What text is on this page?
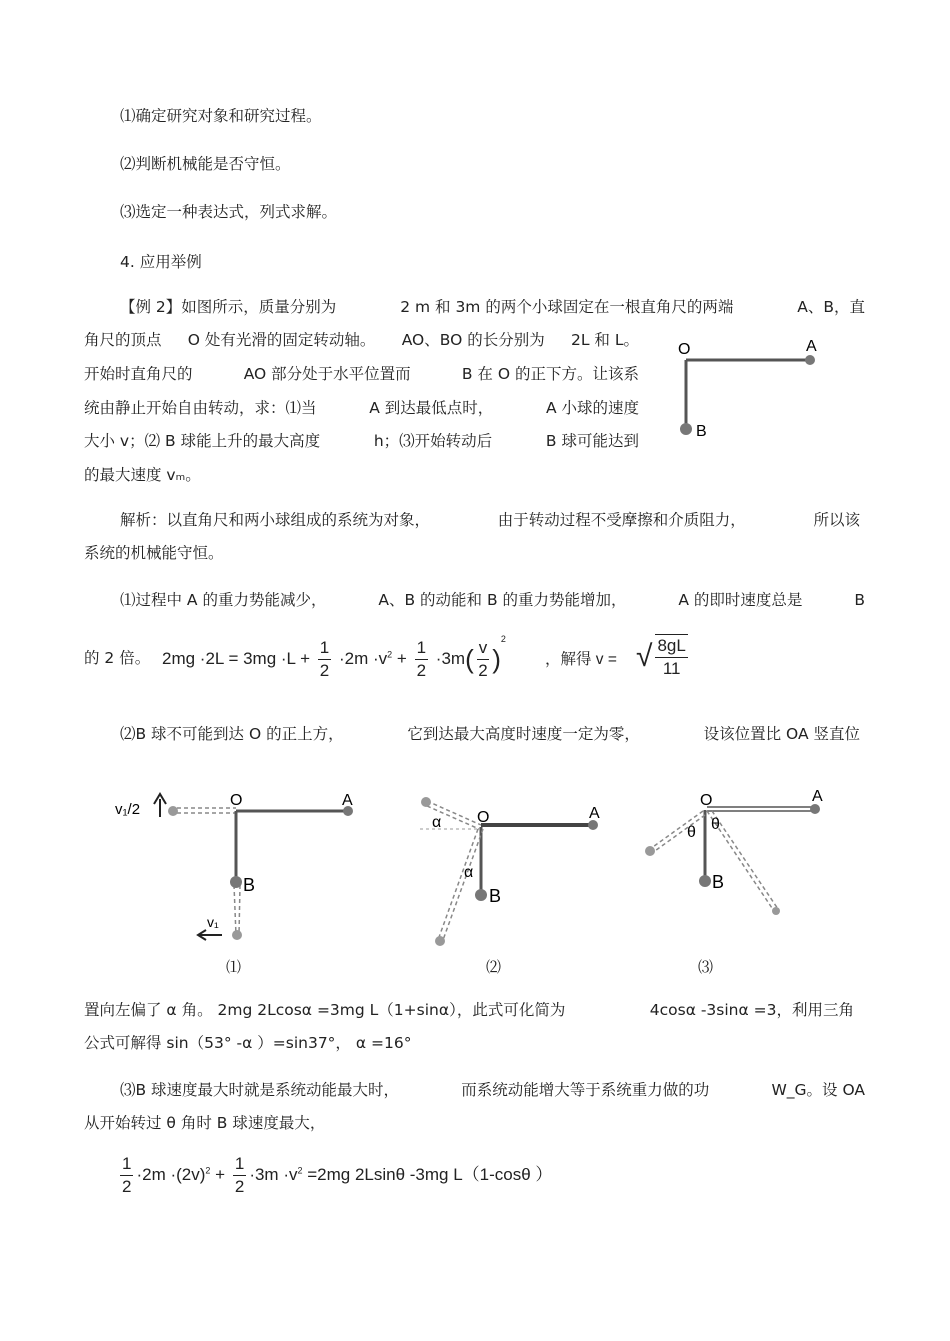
⑴确定研究对象和研究过程。
⑵判断机械能是否守恒。
⑶选定一种表达式，列式求解。
4. 应用举例
【例 2】如图所示，质量分别为	2 m 和 3m 的两个小球固定在一根直角尺的两端	A、B，直
角尺的顶点 O 处有光滑的固定转动轴。 AO、BO 的长分别为 2L 和 L。
开始时直角尺的	AO 部分处于水平位置而	B 在 O 的正下方。让该系
统由静止开始自由转动，求：⑴当	A 到达最低点时，	A 小球的速度
大小 v；⑵ B 球能上升的最大高度	h；⑶开始转动后	B 球可能达到
的最大速度 vₘ。
O	A
B
解析：以直角尺和两小球组成的系统为对象，	由于转动过程不受摩擦和介质阻力，	所以该
系统的机械能守恒。
⑴过程中 A 的重力势能减少，	A、B 的动能和 B 的重力势能增加，	A 的即时速度总是	B
的 2 倍。 $2mg \cdot 2L = 3mg \cdot L + \frac{1}{2} \cdot 2m \cdot v^2 + \frac{1}{2} \cdot 3m( \frac{v}{2} )^2$
，解得 v = √ $\frac{8gL}{11}$
⑵B 球不可能到达 O 的正上方，	它到达最大高度时速度一定为零，	设该位置比 OA 竖直位
v₁/2
O	A
B
v₁
⑴
α O	A
α
B
⑵
O	A
θ θ
B
⑶
置向左偏了 α 角。 2mg 2Lcosα =3mg L（1+sinα），此式可化简为	4cosα -3sinα =3，利用三角
公式可解得 sin（53° -α ）=sin37°， α =16°
⑶B 球速度最大时就是系统动能最大时，	而系统动能增大等于系统重力做的功	W_G。设 OA
从开始转过 θ 角时 B 球速度最大，
$\frac{1}{2} \cdot 2m \cdot(2v)^2 + \frac{1}{2} \cdot 3m \cdot v^2 =2mg$ 2Lsinθ -3mg L（1-cosθ ）
